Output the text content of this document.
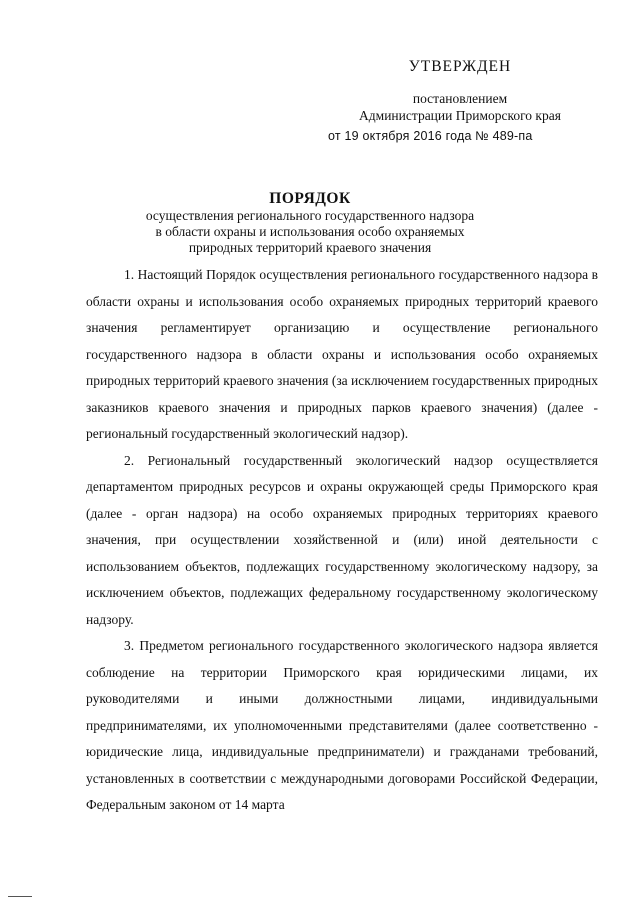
УТВЕРЖДЕН
постановлением
Администрации Приморского края
от 19 октября 2016 года № 489-па
ПОРЯДОК
осуществления регионального государственного надзора
в области охраны и использования особо охраняемых
природных территорий краевого значения

1. Настоящий Порядок осуществления регионального государственного надзора в области охраны и использования особо охраняемых природных территорий краевого значения регламентирует организацию и осуществление регионального государственного надзора в области охраны и использования особо охраняемых природных территорий краевого значения (за исключением государственных природных заказников краевого значения и природных парков краевого значения) (далее - региональный государственный экологический надзор).

2. Региональный государственный экологический надзор осуществляется департаментом природных ресурсов и охраны окружающей среды Приморского края (далее - орган надзора) на особо охраняемых природных территориях краевого значения, при осуществлении хозяйственной и (или) иной деятельности с использованием объектов, подлежащих государственному экологическому надзору, за исключением объектов, подлежащих федеральному государственному экологическому надзору.

3. Предметом регионального государственного экологического надзора является соблюдение на территории Приморского края юридическими лицами, их руководителями и иными должностными лицами, индивидуальными предпринимателями, их уполномоченными представителями (далее соответственно - юридические лица, индивидуальные предприниматели) и гражданами требований, установленных в соответствии с международными договорами Российской Федерации, Федеральным законом от 14 марта
